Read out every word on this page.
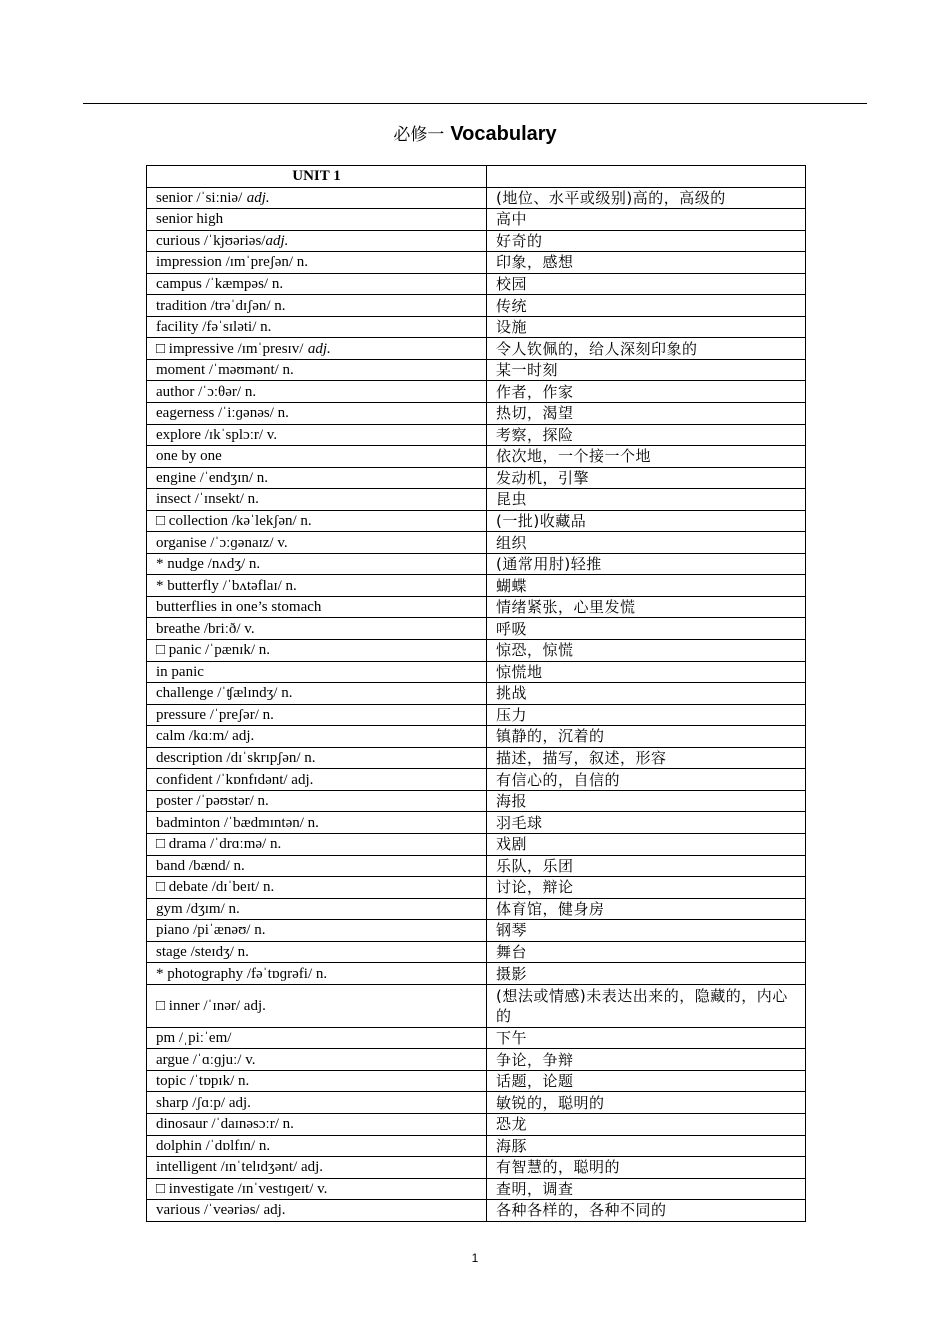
必修一 Vocabulary
UNIT 1	
senior /ˈsiːniə/ adj.	(地位、水平或级别)高的，高级的
senior high	高中
curious /ˈkjʊəriəs/adj.	好奇的
impression /ɪmˈpreʃən/ n.	印象，感想
campus /ˈkæmpəs/ n.	校园
tradition /trəˈdɪʃən/ n.	传统
facility /fəˈsɪləti/ n.	设施
□ impressive /ɪmˈpresɪv/ adj.	令人钦佩的，给人深刻印象的
moment /ˈməʊmənt/ n.	某一时刻
author /ˈɔːθər/ n.	作者，作家
eagerness /ˈiːɡənəs/ n.	热切，渴望
explore /ɪkˈsplɔːr/ v.	考察，探险
one by one	依次地，一个接一个地
engine /ˈendʒɪn/ n.	发动机，引擎
insect /ˈɪnsekt/ n.	昆虫
□ collection /kəˈlekʃən/ n.	(一批)收藏品
organise /ˈɔːɡənaɪz/ v.	组织
* nudge /nʌdʒ/ n.	(通常用肘)轻推
* butterfly /ˈbʌtəflaɪ/ n.	蝴蝶
butterflies in one’s stomach	情绪紧张，心里发慌
breathe /briːð/ v.	呼吸
□ panic /ˈpænɪk/ n.	惊恐，惊慌
in panic	惊慌地
challenge /ˈʧælɪndʒ/ n.	挑战
pressure /ˈpreʃər/ n.	压力
calm /kɑːm/ adj.	镇静的，沉着的
description /dɪˈskrɪpʃən/ n.	描述，描写，叙述，形容
confident /ˈkɒnfɪdənt/ adj.	有信心的，自信的
poster /ˈpəʊstər/ n.	海报
badminton /ˈbædmɪntən/ n.	羽毛球
□ drama /ˈdrɑːmə/ n.	戏剧
band /bænd/ n.	乐队，乐团
□ debate /dɪˈbeɪt/ n.	讨论，辩论
gym /dʒɪm/ n.	体育馆，健身房
piano /piˈænəʊ/ n.	钢琴
stage /steɪdʒ/ n.	舞台
* photography /fəˈtɒɡrəfi/ n.	摄影
□ inner /ˈɪnər/ adj.	(想法或情感)未表达出来的，隐藏的，内心的
pm /ˌpiːˈem/	下午
argue /ˈɑːɡjuː/ v.	争论，争辩
topic /ˈtɒpɪk/ n.	话题，论题
sharp /ʃɑːp/ adj.	敏锐的，聪明的
dinosaur /ˈdaɪnəsɔːr/ n.	恐龙
dolphin /ˈdɒlfɪn/ n.	海豚
intelligent /ɪnˈtelɪdʒənt/ adj.	有智慧的，聪明的
□ investigate /ɪnˈvestɪɡeɪt/ v.	查明，调查
various /ˈveəriəs/ adj.	各种各样的，各种不同的
1
